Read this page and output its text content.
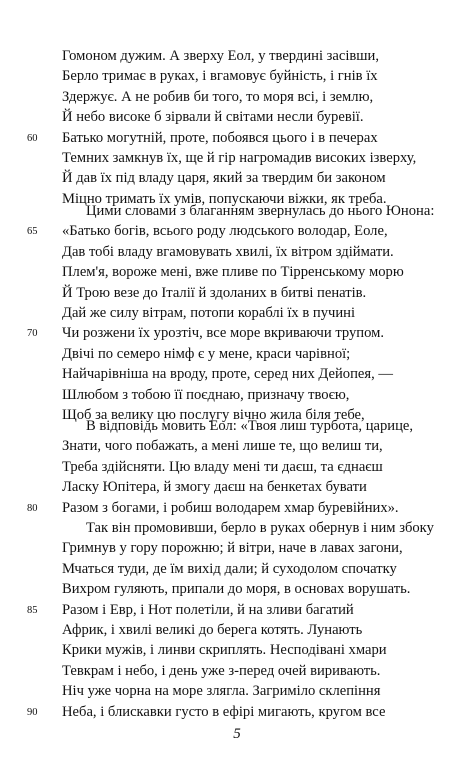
Гомоном дужим. А зверху Еол, у твердині засівши,
Берло тримає в руках, і вгамовує буйність, і гнів їх
Здержує. А не робив би того, то моря всі, і землю,
Й небо високе б зірвали й світами несли буревії.
60 Батько могутній, проте, побоявся цього і в печерах
Темних замкнув їх, ще й гір нагромадив високих ізверху,
Й дав їх під владу царя, який за твердим би законом
Міцно тримать їх умів, попускаючи віжки, як треба.
Цими словами з благанням звернулась до нього Юнона:
65 «Батько богів, всього роду людського володар, Еоле,
Дав тобі владу вгамовувать хвилі, їх вітром здіймати.
Плем'я, вороже мені, вже пливе по Тірренському морю
Й Трою везе до Італії й здоланих в битві пенатів.
Дай же силу вітрам, потопи кораблі їх в пучині
70 Чи розжени їх урозтіч, все море вкриваючи трупом.
Двічі по семеро німф є у мене, краси чарівної;
Найчарівніша на вроду, проте, серед них Дейопея, —
Шлюбом з тобою її поєднаю, призначу твоєю,
Щоб за велику цю послугу вічно жила біля тебе,
В відповідь мовить Еол: «Твоя лиш турбота, царице,
Знати, чого побажать, а мені лише те, що велиш ти,
Треба здійсняти. Цю владу мені ти даєш, та єднаєш
Ласку Юпітера, й змогу даєш на бенкетах бувати
80 Разом з богами, і робиш володарем хмар буревійних».
Так він промовивши, берло в руках обернув і ним збоку
Гримнув у гору порожню; й вітри, наче в лавах загони,
Мчаться туди, де їм вихід дали; й суходолом спочатку
Вихром гуляють, припали до моря, в основах ворушать.
85 Разом і Евр, і Нот полетіли, й на зливи багатий
Африк, і хвилі великі до берега котять. Лунають
Крики мужів, і линви скриплять. Несподівані хмари
Тевкрам і небо, і день уже з-перед очей виривають.
Ніч уже чорна на море злягла. Загриміло склепіння
90 Неба, і блискавки густо в ефірі мигають, кругом все
5
